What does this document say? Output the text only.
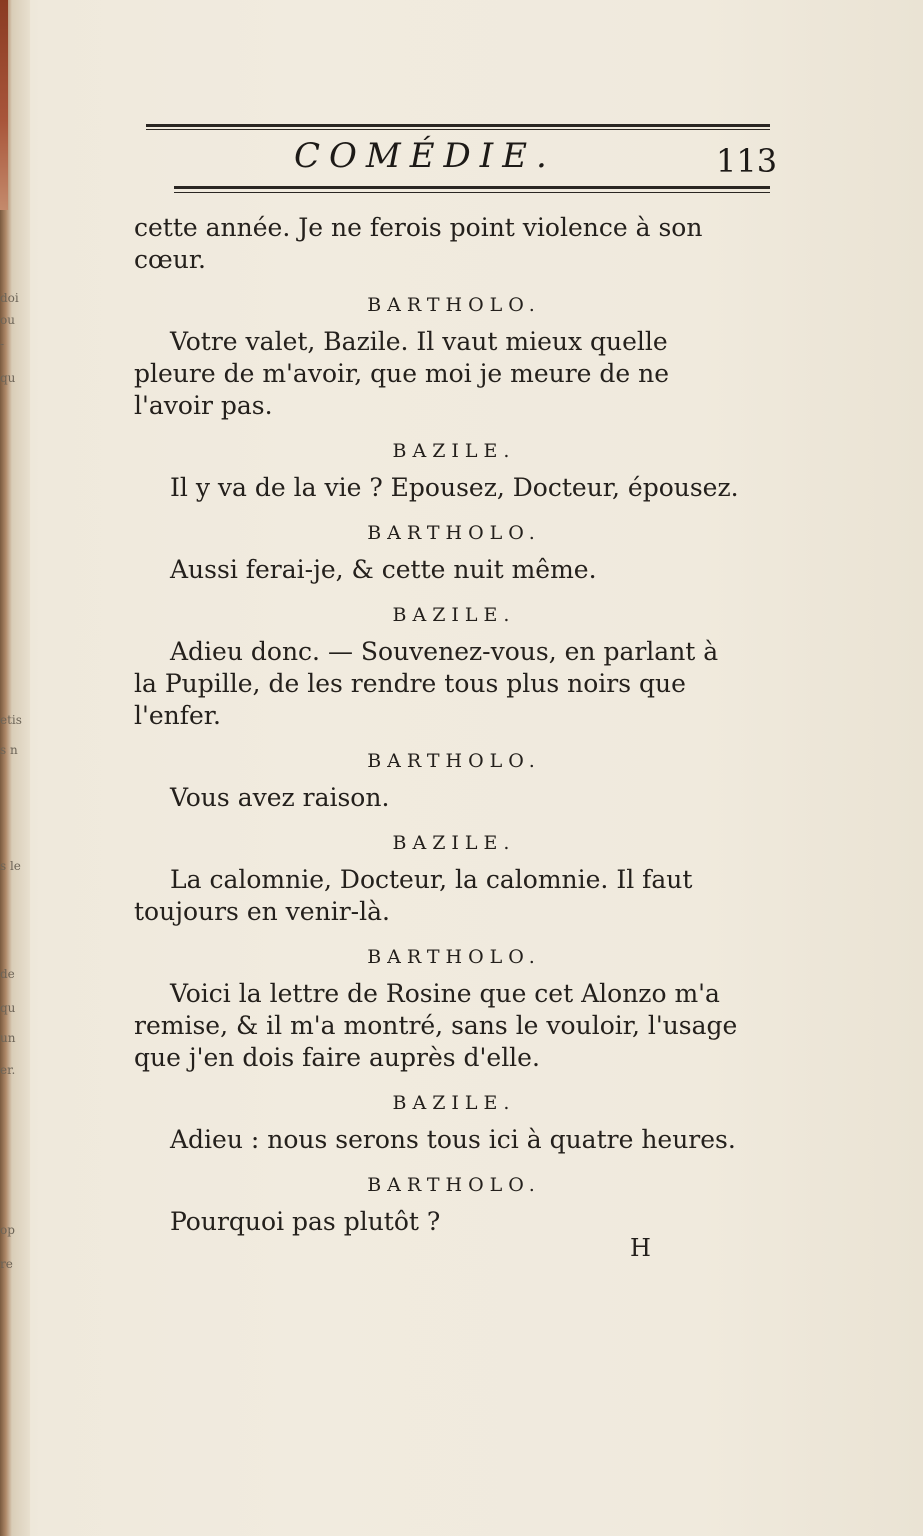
doi
ou
-
qu
etis
s n
s le
de
qu
un
er.
op
re
COMÉDIE.	113

cette année. Je ne ferois point violence à son

cœur.

BARTHOLO.

Votre valet, Bazile. Il vaut mieux quelle

pleure de m'avoir, que moi je meure de ne

l'avoir pas.

BAZILE.

Il y va de la vie ? Epousez, Docteur, épousez.

BARTHOLO.

Aussi ferai-je, & cette nuit même.

BAZILE.

Adieu donc. — Souvenez-vous, en parlant à

la Pupille, de les rendre tous plus noirs que

l'enfer.

BARTHOLO.

Vous avez raison.

BAZILE.

La calomnie, Docteur, la calomnie. Il faut

toujours en venir-là.

BARTHOLO.

Voici la lettre de Rosine que cet Alonzo m'a

remise, & il m'a montré, sans le vouloir, l'usage

que j'en dois faire auprès d'elle.

BAZILE.

Adieu : nous serons tous ici à quatre heures.

BARTHOLO.

Pourquoi pas plutôt ?

H
